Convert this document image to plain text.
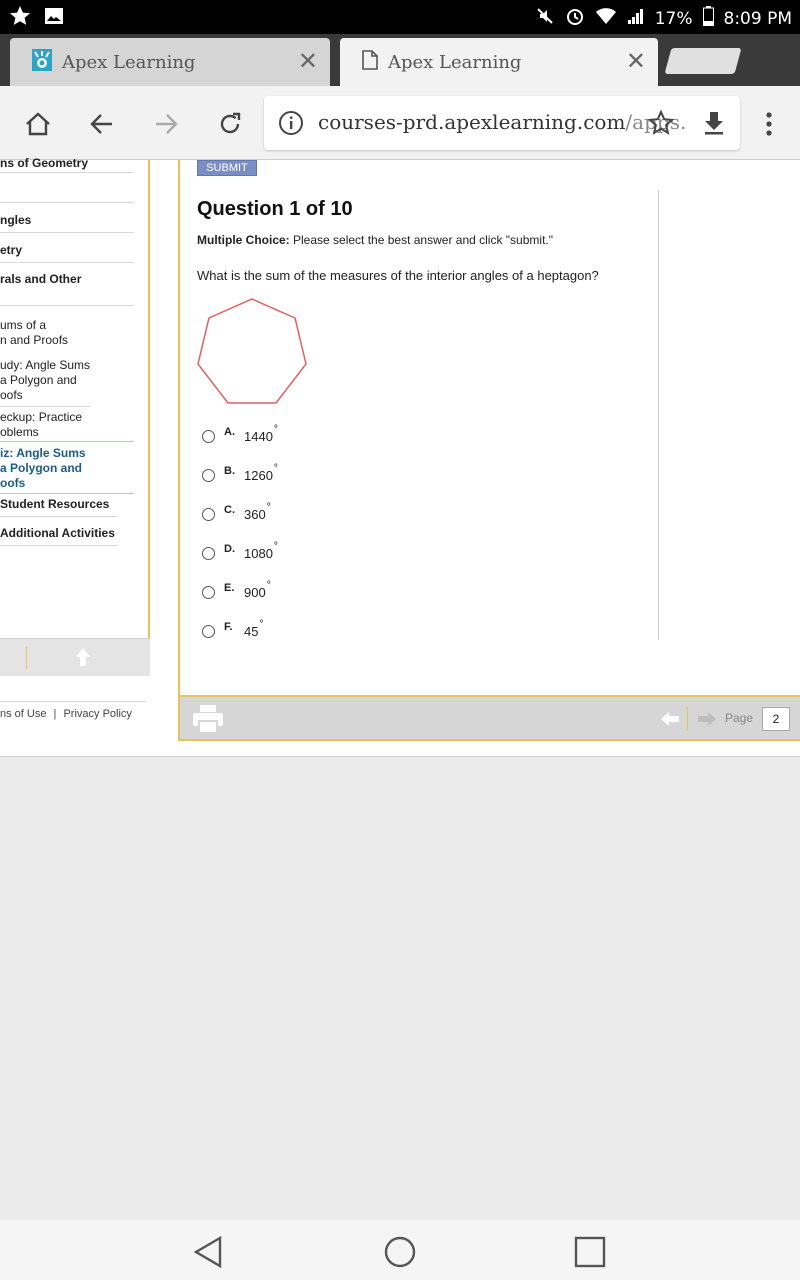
17% 8:09 PM
Apex Learning	✕	Apex Learning	✕
courses-prd.apexlearning.com/apps.
ns of Geometry
ngles
etry
rals and Other
ums of a
n and Proofs
udy: Angle Sums
a Polygon and
oofs
eckup: Practice
oblems
iz: Angle Sums
a Polygon and
oofs
Student Resources
Additional Activities
ns of Use | Privacy Policy
SUBMIT
Question 1 of 10
Multiple Choice: Please select the best answer and click "submit."
What is the sum of the measures of the interior angles of a heptagon?
A. 1440 °
B. 1260 °
C. 360 °
D. 1080 °
E. 900 °
F. 45 °
Page	2
